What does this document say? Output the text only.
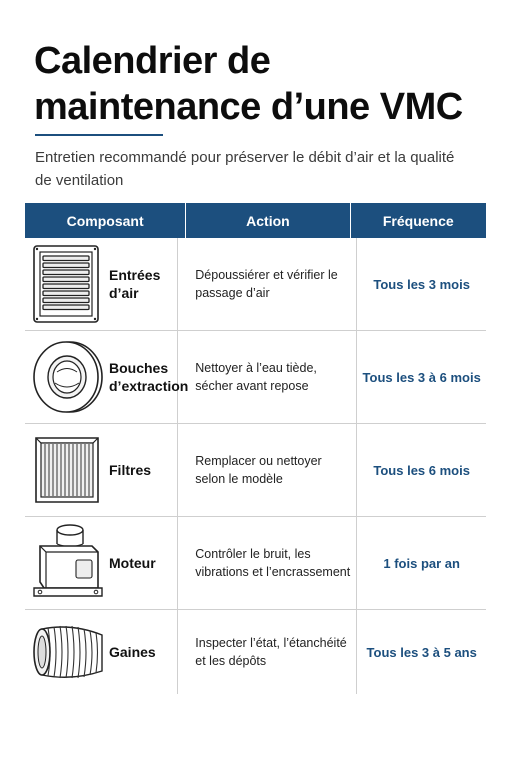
Calendrier de maintenance d’une VMC

Entretien recommandé pour préserver le débit d’air et la qualité de ventilation

Composant	Action	Fréquence
Entrées d’air
Dépoussiérer et vérifier le passage d’air
Tous les 3 mois
Bouches d’extraction
Nettoyer à l’eau tiède, sécher avant repose
Tous les 3 à 6 mois
Filtres
Remplacer ou nettoyer selon le modèle
Tous les 6 mois
Moteur
Contrôler le bruit, les vibrations et l’encrassement
1 fois par an
Gaines
Inspecter l’état, l’étanchéité et les dépôts
Tous les 3 à 5 ans
